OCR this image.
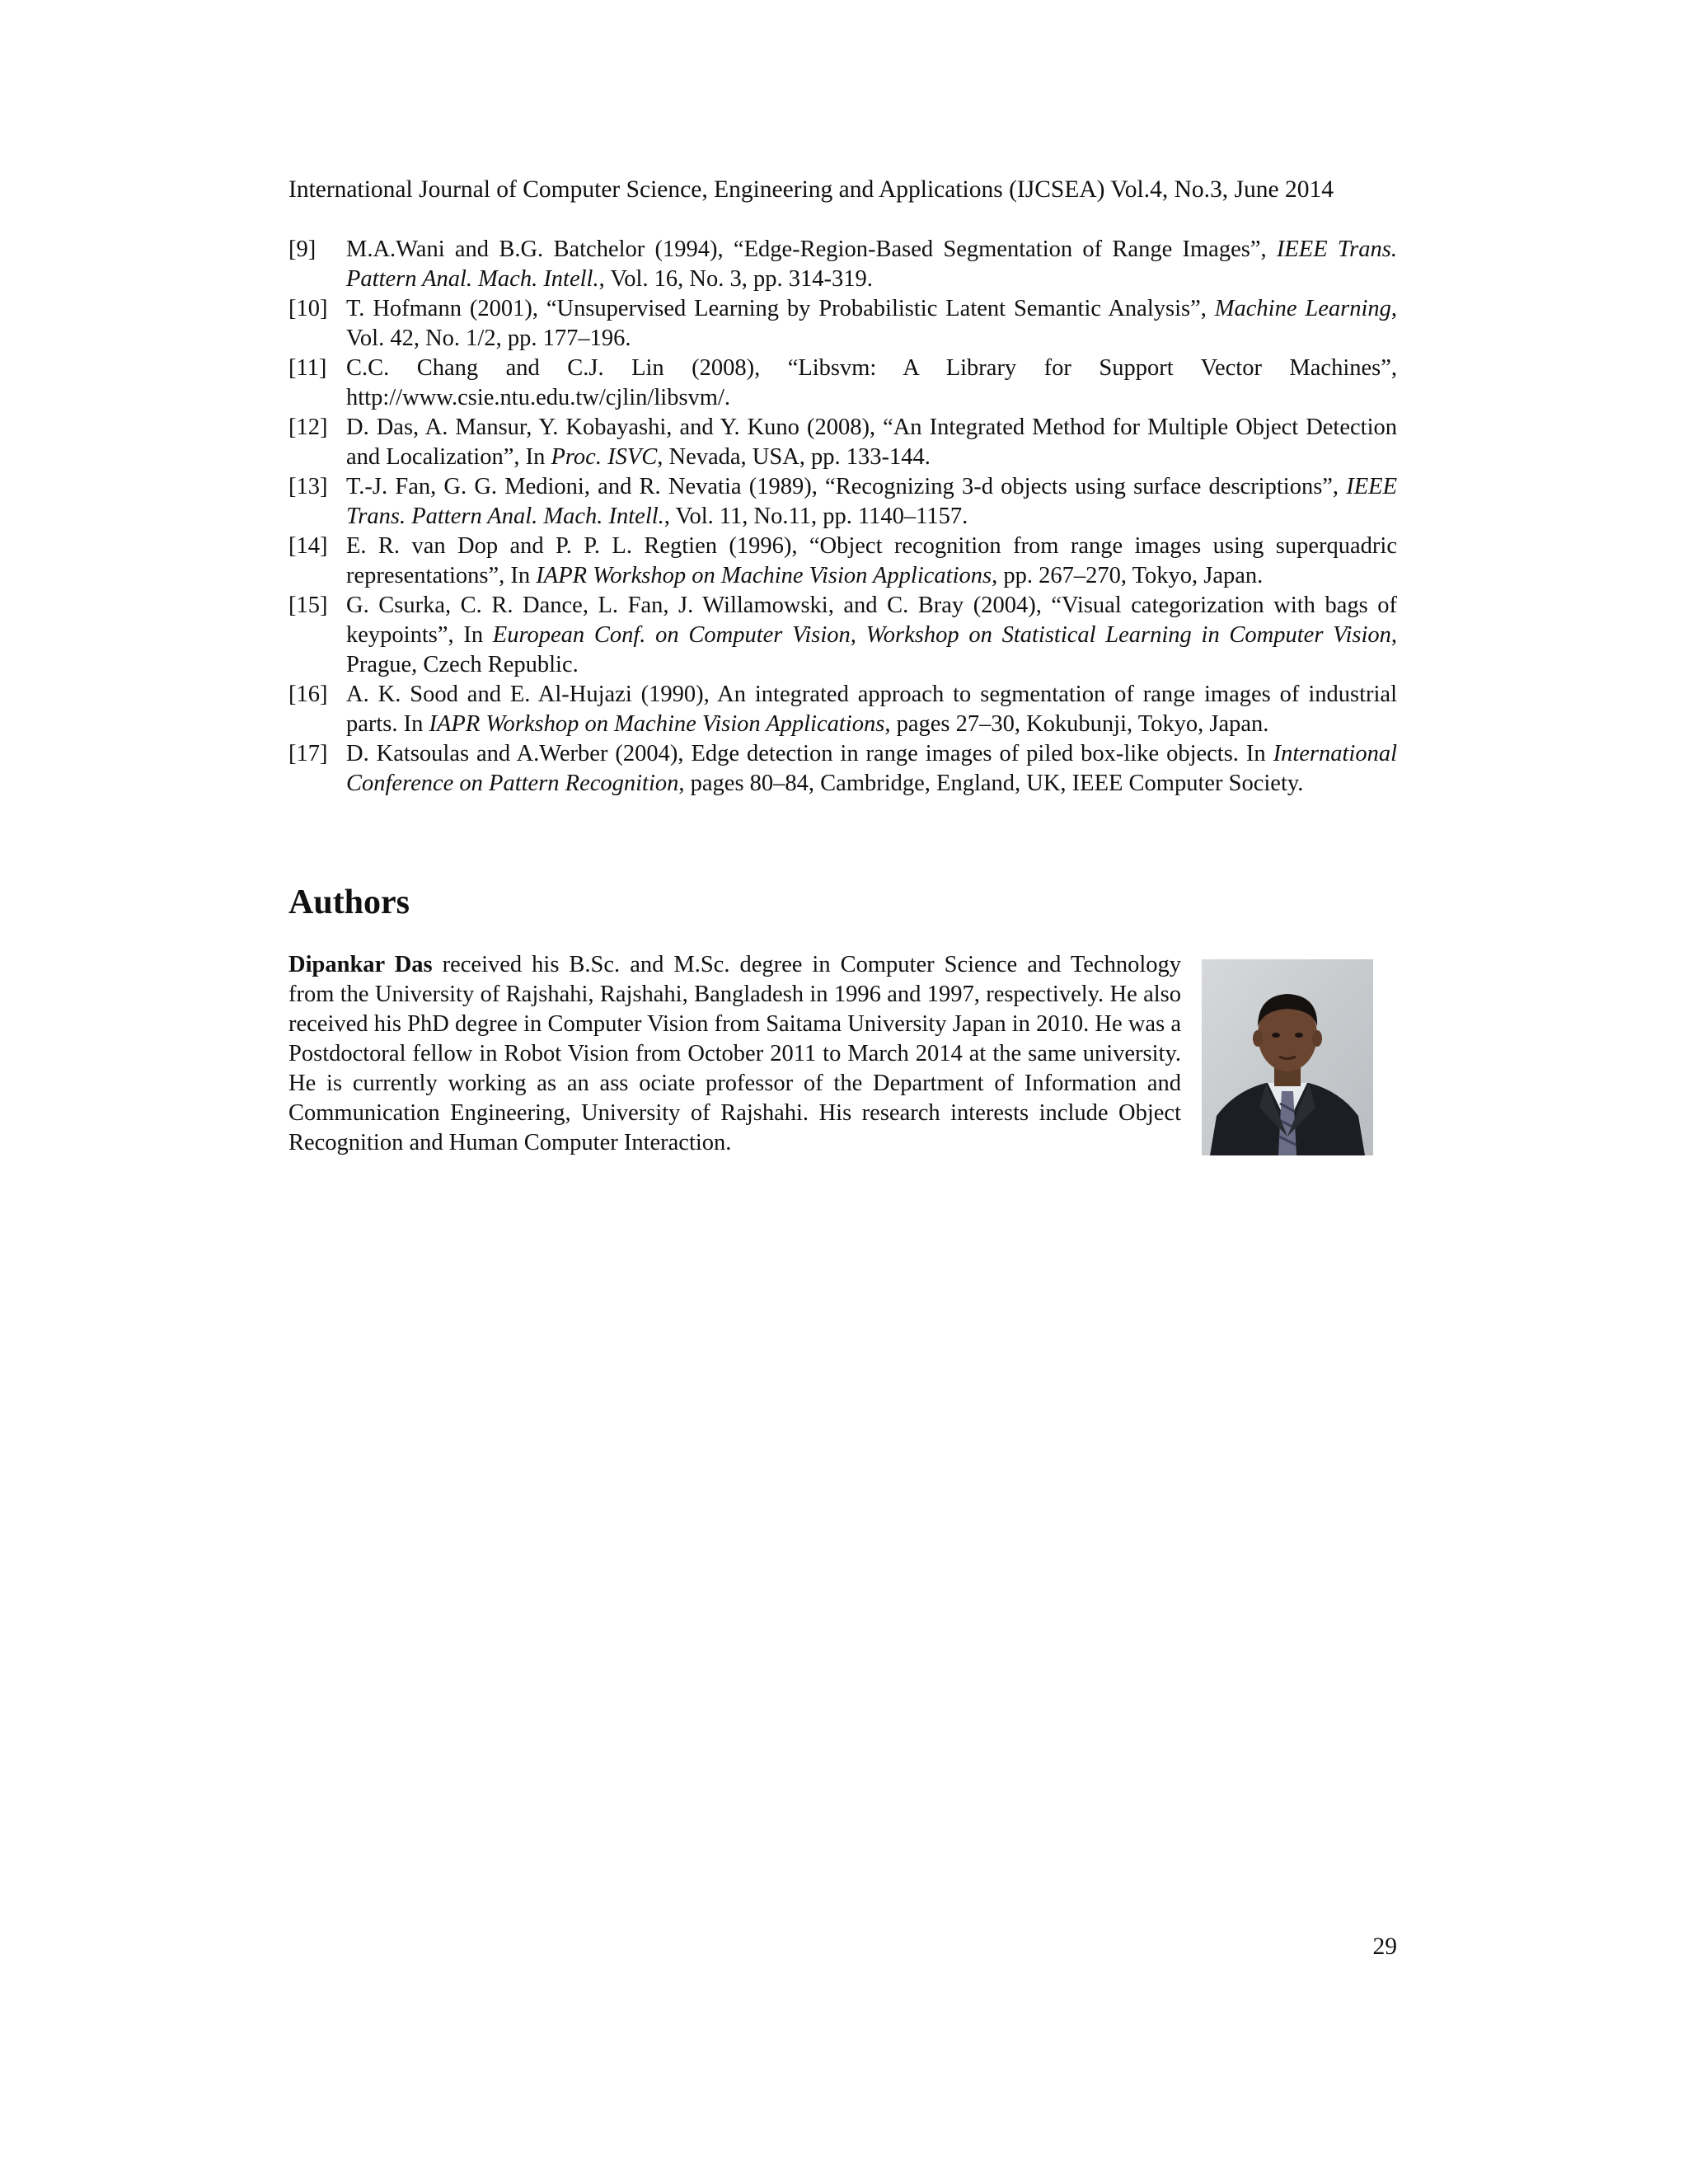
International Journal of Computer Science, Engineering and Applications (IJCSEA) Vol.4, No.3, June 2014
[9] M.A.Wani and B.G. Batchelor (1994), “Edge-Region-Based Segmentation of Range Images”, IEEE Trans. Pattern Anal. Mach. Intell., Vol. 16, No. 3, pp. 314-319.
[10] T. Hofmann (2001), “Unsupervised Learning by Probabilistic Latent Semantic Analysis”, Machine Learning, Vol. 42, No. 1/2, pp. 177–196.
[11] C.C. Chang and C.J. Lin (2008), “Libsvm: A Library for Support Vector Machines”, http://www.csie.ntu.edu.tw/cjlin/libsvm/.
[12] D. Das, A. Mansur, Y. Kobayashi, and Y. Kuno (2008), “An Integrated Method for Multiple Object Detection and Localization”, In Proc. ISVC, Nevada, USA, pp. 133-144.
[13] T.-J. Fan, G. G. Medioni, and R. Nevatia (1989), “Recognizing 3-d objects using surface descriptions”, IEEE Trans. Pattern Anal. Mach. Intell., Vol. 11, No.11, pp. 1140–1157.
[14] E. R. van Dop and P. P. L. Regtien (1996), “Object recognition from range images using superquadric representations”, In IAPR Workshop on Machine Vision Applications, pp. 267–270, Tokyo, Japan.
[15] G. Csurka, C. R. Dance, L. Fan, J. Willamowski, and C. Bray (2004), “Visual categorization with bags of keypoints”, In European Conf. on Computer Vision, Workshop on Statistical Learning in Computer Vision, Prague, Czech Republic.
[16] A. K. Sood and E. Al-Hujazi (1990), An integrated approach to segmentation of range images of industrial parts. In IAPR Workshop on Machine Vision Applications, pages 27–30, Kokubunji, Tokyo, Japan.
[17] D. Katsoulas and A.Werber (2004), Edge detection in range images of piled box-like objects. In International Conference on Pattern Recognition, pages 80–84, Cambridge, England, UK, IEEE Computer Society.
Authors
Dipankar Das received his B.Sc. and M.Sc. degree in Computer Science and Technology from the University of Rajshahi, Rajshahi, Bangladesh in 1996 and 1997, respectively. He also received his PhD degree in Computer Vision from Saitama University Japan in 2010. He was a Postdoctoral fellow in Robot Vision from October 2011 to March 2014 at the same university. He is currently working as an ass ociate professor of the Department of Information and Communication Engineering, University of Rajshahi. His research interests include Object Recognition and Human Computer Interaction.
29
